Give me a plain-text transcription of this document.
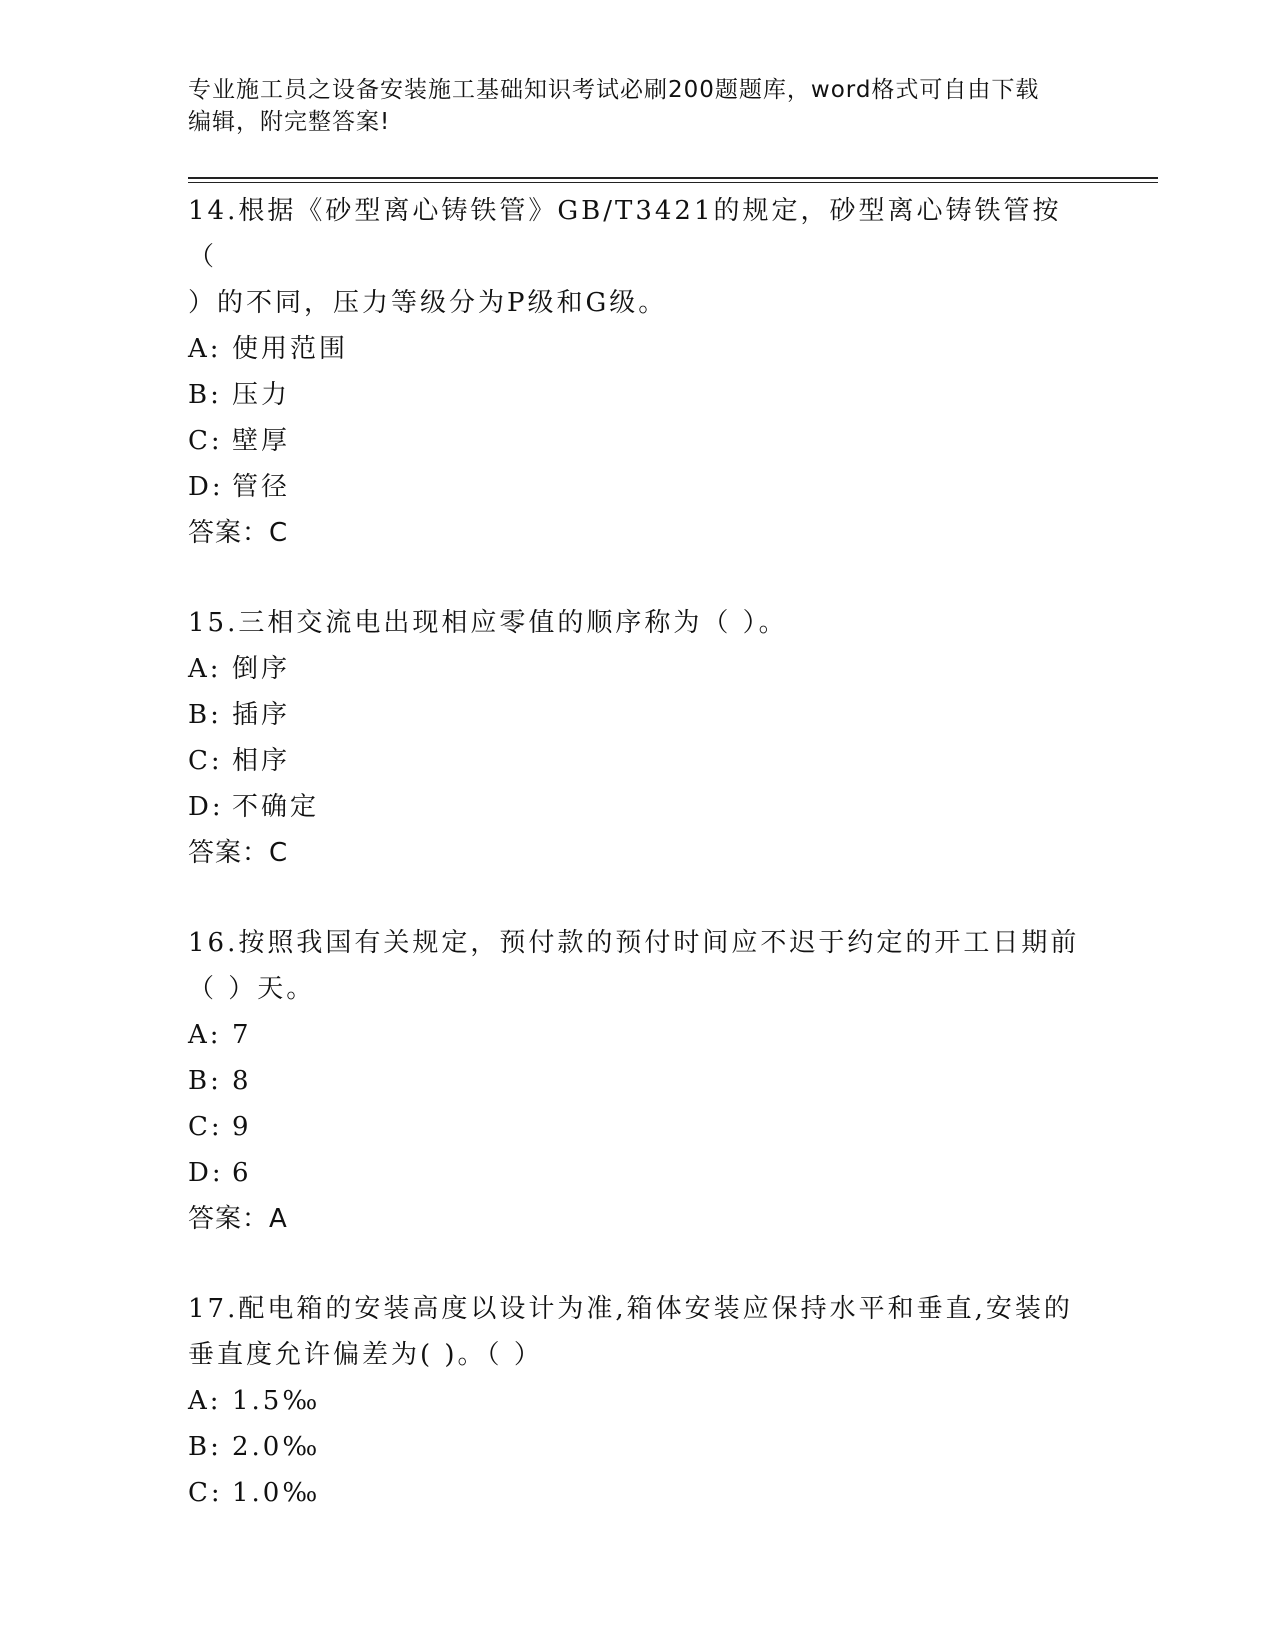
专业施工员之设备安装施工基础知识考试必刷200题题库，word格式可自由下载
编辑，附完整答案!
14.根据《砂型离心铸铁管》GB/T3421的规定，砂型离心铸铁管按（
）的不同，压力等级分为P级和G级。
A: 使用范围
B: 压力
C: 壁厚
D: 管径
答案：C
15.三相交流电出现相应零值的顺序称为（ ）。
A: 倒序
B: 插序
C: 相序
D: 不确定
答案：C
16.按照我国有关规定，预付款的预付时间应不迟于约定的开工日期前
（ ）天。
A: 7
B: 8
C: 9
D: 6
答案：A
17.配电箱的安装高度以设计为准,箱体安装应保持水平和垂直,安装的
垂直度允许偏差为( )。（ ）
A: 1.5‰
B: 2.0‰
C: 1.0‰
